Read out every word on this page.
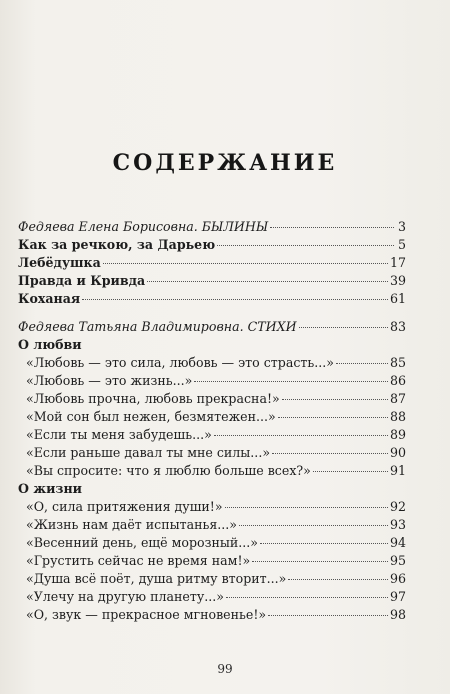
СОДЕРЖАНИЕ
Федяева Елена Борисовна. БЫЛИНЫ	3
Как за речкою, за Дарьею	5
Лебёдушка	17
Правда и Кривда	39
Коханая	61
Федяева Татьяна Владимировна. СТИХИ	83
О любви
«Любовь — это сила, любовь — это страсть...»	85
«Любовь — это жизнь...»	86
«Любовь прочна, любовь прекрасна!»	87
«Мой сон был нежен, безмятежен...»	88
«Если ты меня забудешь...»	89
«Если раньше давал ты мне силы...»	90
«Вы спросите: что я люблю больше всех?»	91
О жизни
«О, сила притяжения души!»	92
«Жизнь нам даёт испытанья...»	93
«Весенний день, ещё морозный...»	94
«Грустить сейчас не время нам!»	95
«Душа всё поёт, душа ритму вторит...»	96
«Улечу на другую планету...»	97
«О, звук — прекрасное мгновенье!»	98
99
